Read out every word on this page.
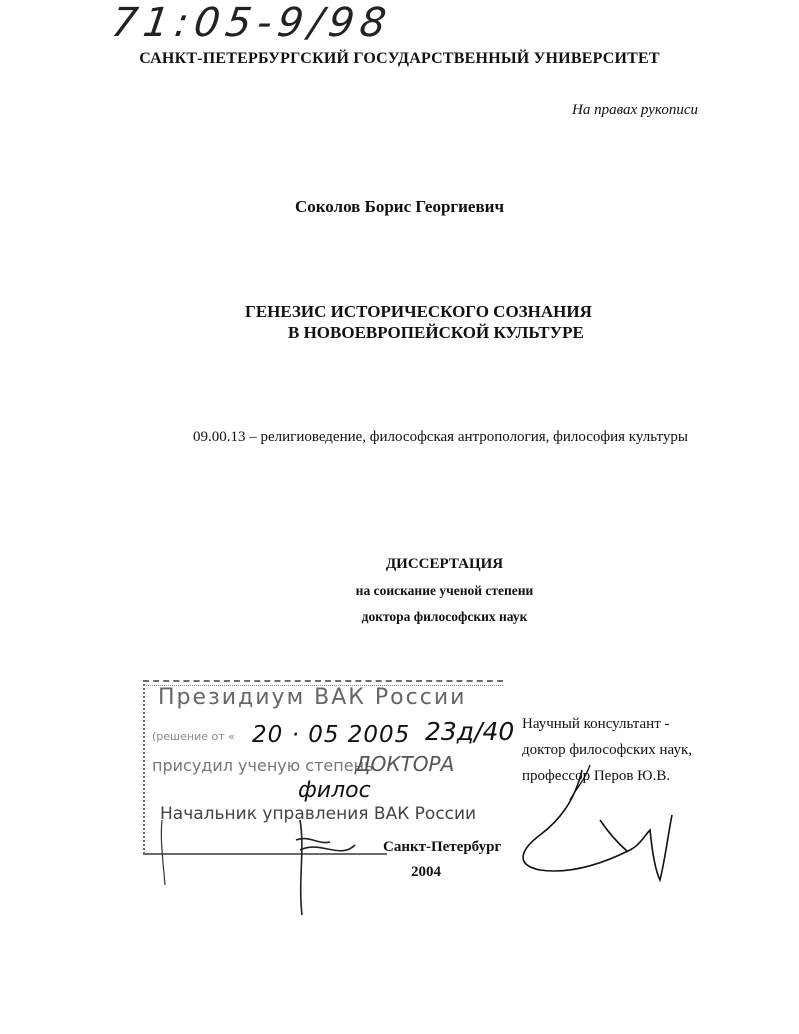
71:05-9/98
САНКТ-ПЕТЕРБУРГСКИЙ ГОСУДАРСТВЕННЫЙ УНИВЕРСИТЕТ
На правах рукописи
Соколов Борис Георгиевич
ГЕНЕЗИС ИСТОРИЧЕСКОГО СОЗНАНИЯ
В НОВОЕВРОПЕЙСКОЙ КУЛЬТУРЕ
09.00.13 – религиоведение, философская антропология, философия культуры
ДИССЕРТАЦИЯ
на соискание ученой степени
доктора философских наук
Президиум ВАК России
(решение от «
присудил ученую степень
Начальник управления ВАК России
20 · 05 2005 23д/40
ДОКТОРА
филос
Научный консультант -
доктор философских наук,
профессор Перов Ю.В.
Санкт-Петербург
2004
